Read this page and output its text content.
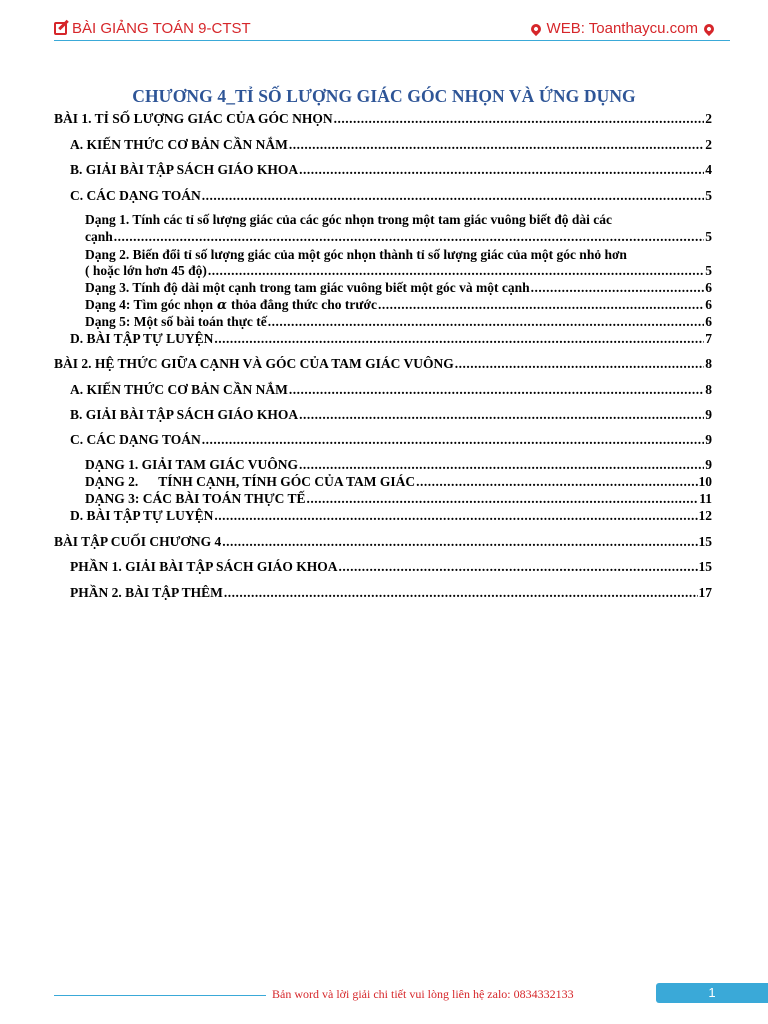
BÀI GIẢNG TOÁN 9-CTST	WEB: Toanthaycu.com
CHƯƠNG 4_TỈ SỐ LƯỢNG GIÁC GÓC NHỌN VÀ ỨNG DỤNG
BÀI 1. TỈ SỐ LƯỢNG GIÁC CỦA GÓC NHỌN .....	2
A. KIẾN THỨC CƠ BẢN CẦN NẮM .....	2
B. GIẢI BÀI TẬP SÁCH GIÁO KHOA .....	4
C. CÁC DẠNG TOÁN .....	5
Dạng 1. Tính các tỉ số lượng giác của các góc nhọn trong một tam giác vuông biết độ dài các
cạnh .....	5
Dạng 2. Biến đổi tỉ số lượng giác của một góc nhọn thành tỉ số lượng giác của một góc nhỏ hơn
( hoặc lớn hơn 45 độ) .....	5
Dạng 3. Tính độ dài một cạnh trong tam giác vuông biết một góc và một cạnh .....	6
Dạng 4: Tìm góc nhọn α thỏa đẳng thức cho trước .....	6
Dạng 5: Một số bài toán thực tế .....	6
D. BÀI TẬP TỰ LUYỆN .....	7
BÀI 2. HỆ THỨC GIỮA CẠNH VÀ GÓC CỦA TAM GIÁC VUÔNG .....	8
A. KIẾN THỨC CƠ BẢN CẦN NẮM .....	8
B. GIẢI BÀI TẬP SÁCH GIÁO KHOA .....	9
C. CÁC DẠNG TOÁN .....	9
DẠNG 1. GIẢI TAM GIÁC VUÔNG .....	9
DẠNG 2.      TÍNH CẠNH, TÍNH GÓC CỦA TAM GIÁC .....	10
DẠNG 3: CÁC BÀI TOÁN THỰC TẾ .....	11
D. BÀI TẬP TỰ LUYỆN .....	12
BÀI TẬP CUỐI CHƯƠNG 4 .....	15
PHẦN 1. GIẢI BÀI TẬP SÁCH GIÁO KHOA .....	15
PHẦN 2. BÀI TẬP THÊM .....	17
Bản word và lời giải chi tiết vui lòng liên hệ zalo: 0834332133	1
